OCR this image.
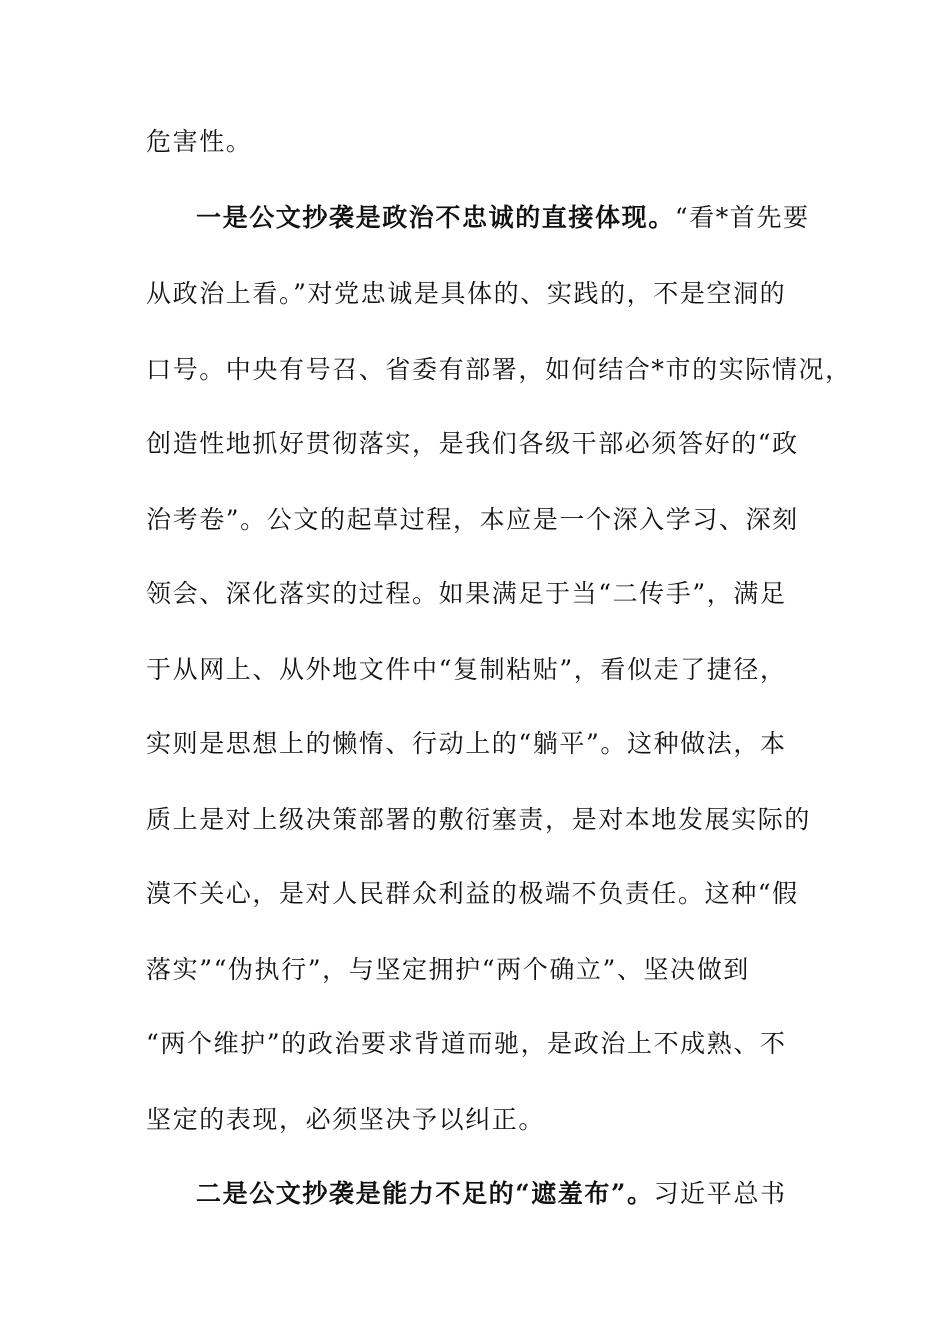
危害性。
一是公文抄袭是政治不忠诚的直接体现。“看*首先要
从政治上看。”对党忠诚是具体的、实践的，不是空洞的
口号。中央有号召、省委有部署，如何结合*市的实际情况，
创造性地抓好贯彻落实，是我们各级干部必须答好的“政
治考卷”。公文的起草过程，本应是一个深入学习、深刻
领会、深化落实的过程。如果满足于当“二传手”，满足
于从网上、从外地文件中“复制粘贴”，看似走了捷径，
实则是思想上的懒惰、行动上的“躺平”。这种做法，本
质上是对上级决策部署的敷衍塞责，是对本地发展实际的
漠不关心，是对人民群众利益的极端不负责任。这种“假
落实”“伪执行”，与坚定拥护“两个确立”、坚决做到
“两个维护”的政治要求背道而驰，是政治上不成熟、不
坚定的表现，必须坚决予以纠正。
二是公文抄袭是能力不足的“遮羞布”。习近平总书
